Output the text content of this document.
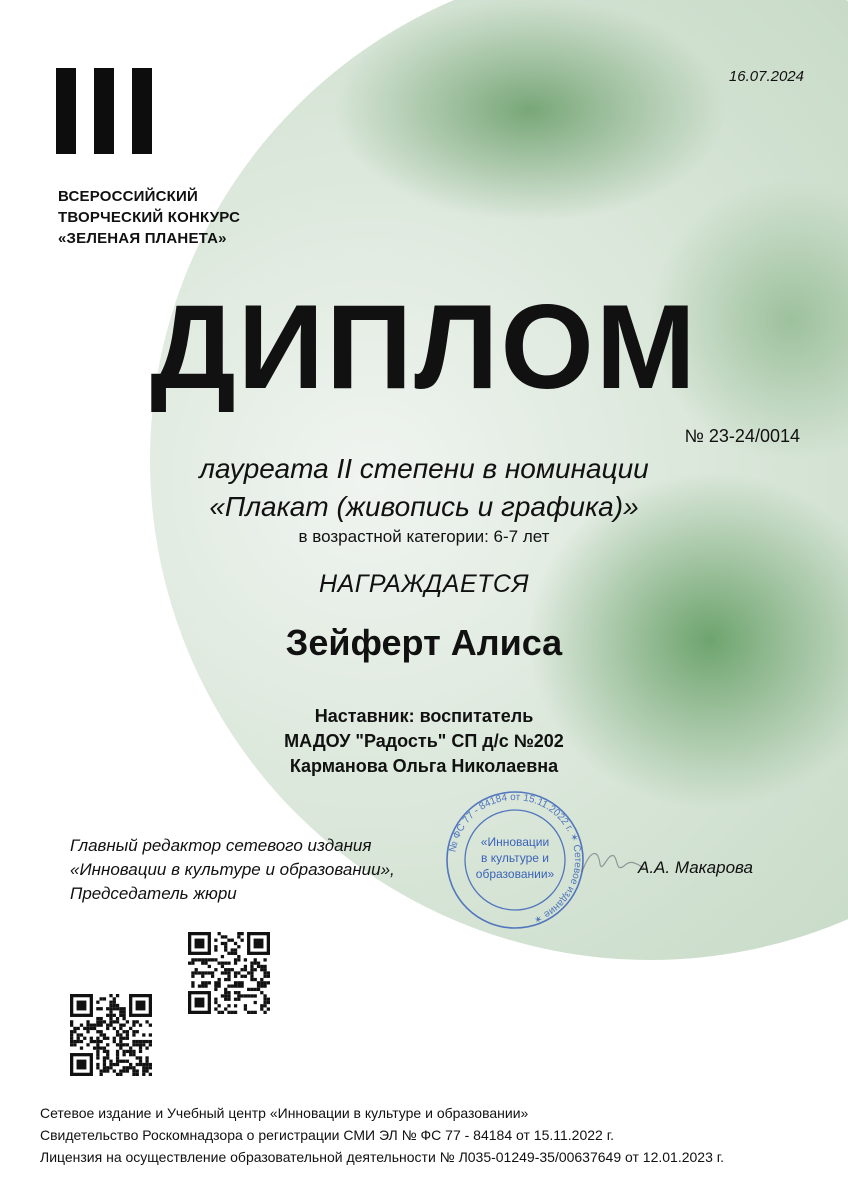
ВСЕРОССИЙСКИЙ
ТВОРЧЕСКИЙ КОНКУРС
«ЗЕЛЕНАЯ ПЛАНЕТА»
16.07.2024
ДИПЛОМ
№ 23-24/0014
лауреата II степени в номинации
«Плакат (живопись и графика)»
в возрастной категории: 6-7 лет
НАГРАЖДАЕТСЯ
Зейферт Алиса
Наставник: воспитатель
МАДОУ "Радость" СП д/с №202
Карманова Ольга Николаевна
Главный редактор сетевого издания
«Инновации в культуре и образовании»,
Председатель жюри
№ ФС 77 - 84184 от 15.11.2022 г. ✶ Сетевое издание ✶
«Инновации
в культуре и
образовании»	А.А. Макарова
Сетевое издание и Учебный центр «Инновации в культуре и образовании»
Свидетельство Роскомнадзора о регистрации СМИ ЭЛ № ФС 77 - 84184 от 15.11.2022 г.
Лицензия на осуществление образовательной деятельности № Л035-01249-35/00637649 от 12.01.2023 г.
